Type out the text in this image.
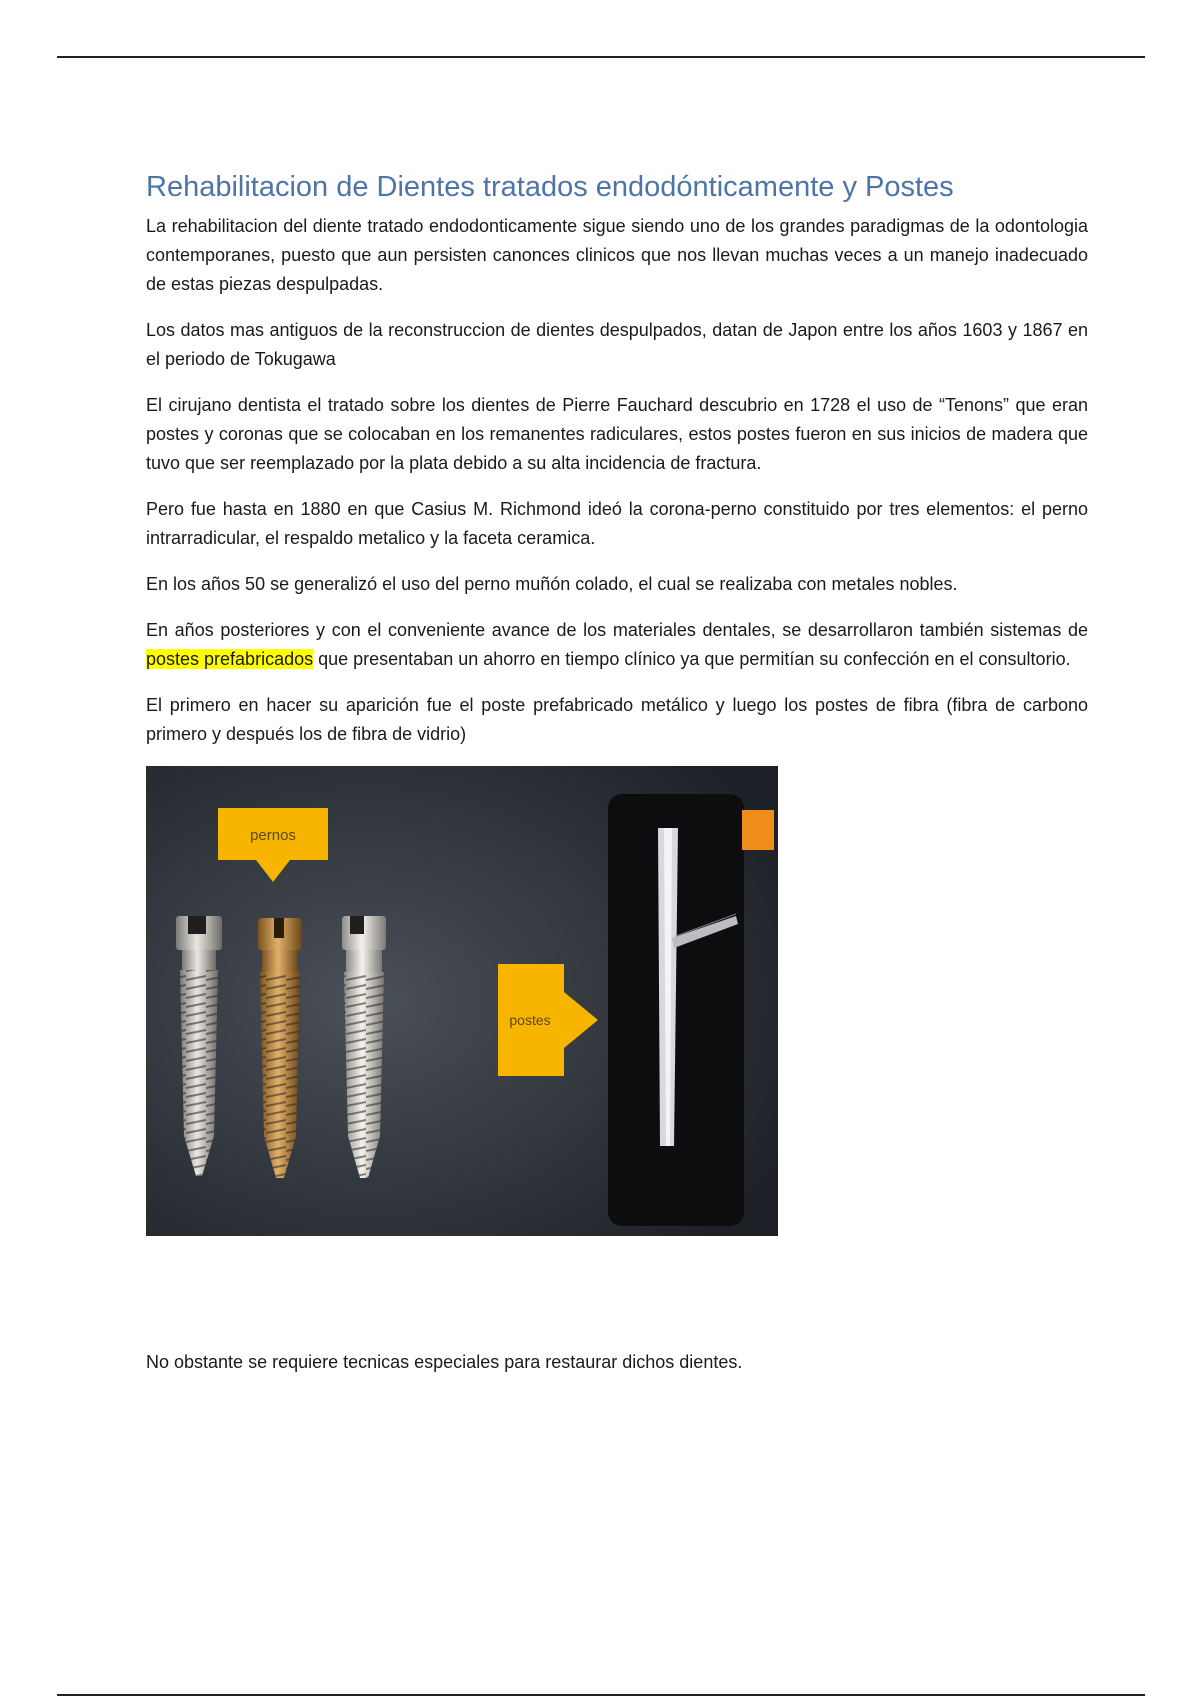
Rehabilitacion de Dientes tratados endodónticamente y Postes

La rehabilitacion del diente tratado endodonticamente sigue siendo uno de los grandes paradigmas de la odontologia contemporanes, puesto que aun persisten canonces clinicos que nos llevan muchas veces a un manejo inadecuado de estas piezas despulpadas.

Los datos mas antiguos de la reconstruccion de dientes despulpados, datan de Japon entre los años 1603 y 1867 en el periodo de Tokugawa

El cirujano dentista el tratado sobre los dientes de Pierre Fauchard descubrio en 1728 el uso de “Tenons” que eran postes y coronas que se colocaban en los remanentes radiculares, estos postes fueron en sus inicios de madera que tuvo que ser reemplazado por la plata debido a su alta incidencia de fractura.

Pero fue hasta en 1880 en que Casius M. Richmond ideó la corona-perno constituido por tres elementos: el perno intrarradicular, el respaldo metalico y la faceta ceramica.

En los años 50 se generalizó el uso del perno muñón colado, el cual se realizaba con metales nobles.

En años posteriores y con el conveniente avance de los materiales dentales, se desarrollaron también sistemas de postes prefabricados que presentaban un ahorro en tiempo clínico ya que permitían su confección en el consultorio.

El primero en hacer su aparición fue el poste prefabricado metálico y luego los postes de fibra (fibra de carbono primero y después los de fibra de vidrio)

pernos
postes

No obstante se requiere tecnicas especiales para restaurar dichos dientes.
